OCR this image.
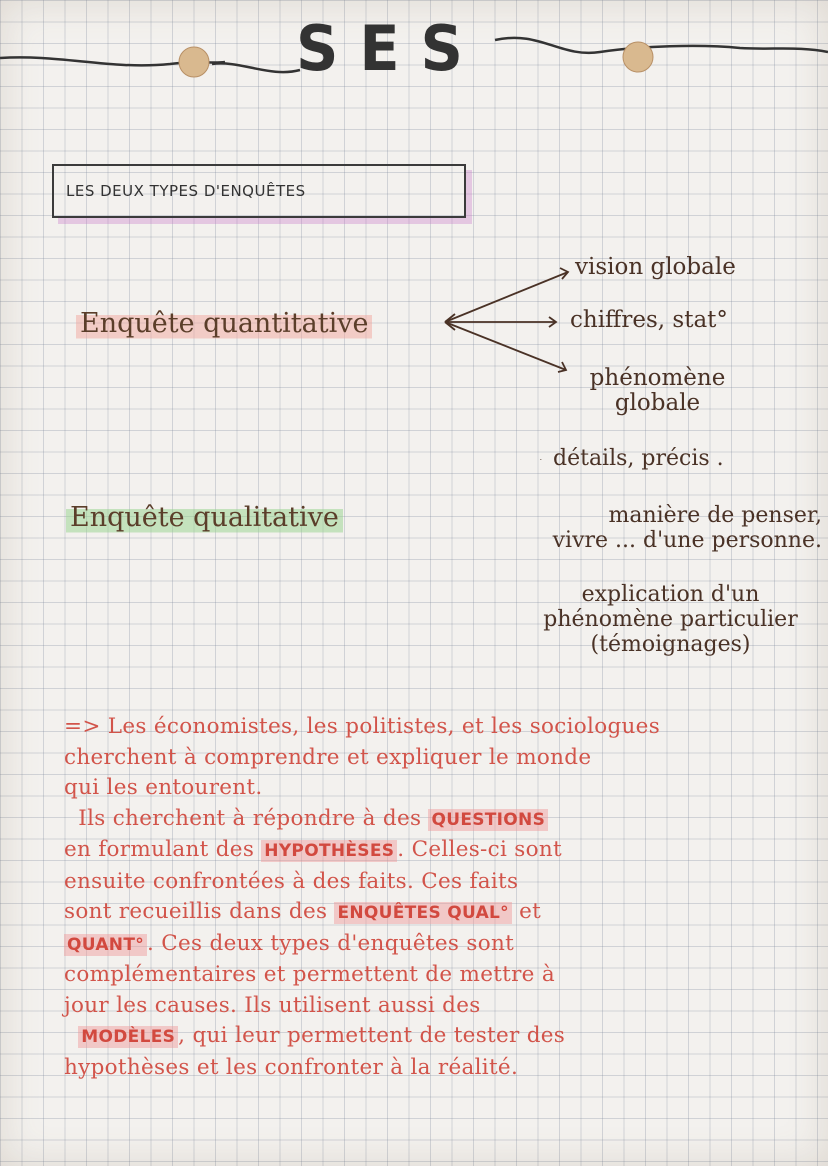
SES
LES DEUX TYPES D'ENQUÊTES
Enquête quantitative
vision globale
chiffres, stat°
phénomène
globale
Enquête qualitative
détails, précis .
manière de penser,
vivre ... d'une personne.
explication d'un
phénomène particulier
(témoignages)
=> Les économistes, les politistes, et les sociologues
cherchent à comprendre et expliquer le monde
qui les entourent.
Ils cherchent à répondre à des QUESTIONS
en formulant des HYPOTHÈSES . Celles-ci sont
ensuite confrontées à des faits. Ces faits
sont recueillis dans des ENQUÊTES QUAL° et
QUANT° . Ces deux types d'enquêtes sont
complémentaires et permettent de mettre à
jour les causes. Ils utilisent aussi des
MODÈLES , qui leur permettent de tester des
hypothèses et les confronter à la réalité.
